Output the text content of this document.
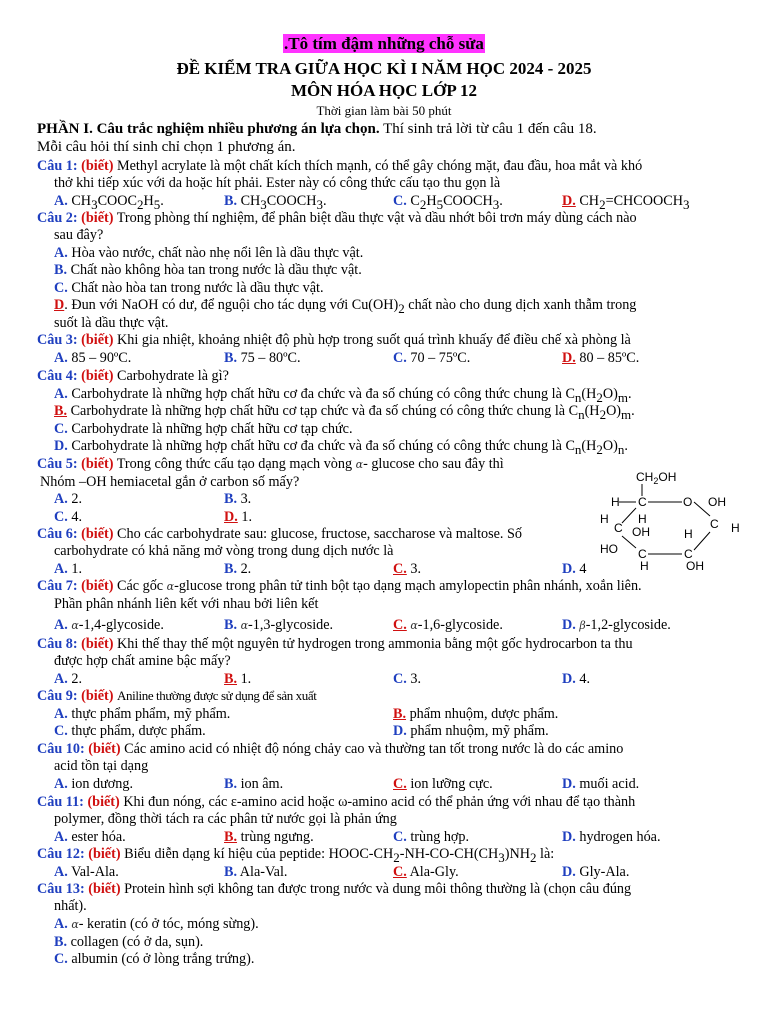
.Tô tím đậm những chỗ sửa
ĐỀ KIỂM TRA GIỮA HỌC KÌ I NĂM HỌC 2024 - 2025
MÔN HÓA HỌC LỚP 12
Thời gian làm bài 50 phút
PHẦN I. Câu trắc nghiệm nhiều phương án lựa chọn. Thí sinh trả lời từ câu 1 đến câu 18.
Mỗi câu hỏi thí sinh chỉ chọn 1 phương án.
Câu 1: (biết) Methyl acrylate là một chất kích thích mạnh, có thể gây chóng mặt, đau đầu, hoa mắt và khó
thở khi tiếp xúc với da hoặc hít phải. Ester này có công thức cấu tạo thu gọn là
A. $CH_3COOC_2H_5$.	B. $CH_3COOCH_3$.	C. $C_2H_5COOCH_3$.	D. $CH_2=CHCOOCH_3$
Câu 2: (biết) Trong phòng thí nghiệm, để phân biệt dầu thực vật và dầu nhớt bôi trơn máy dùng cách nào
sau đây?
A. Hòa vào nước, chất nào nhẹ nổi lên là dầu thực vật.
B. Chất nào không hòa tan trong nước là dầu thực vật.
C. Chất nào hòa tan trong nước là dầu thực vật.
D. Đun với NaOH có dư, để nguội cho tác dụng với $Cu(OH)_2$ chất nào cho dung dịch xanh thẫm trong
suốt là dầu thực vật.
Câu 3: (biết) Khi gia nhiệt, khoảng nhiệt độ phù hợp trong suốt quá trình khuấy để điều chế xà phòng là
A. 85 – 90ºC.	B. 75 – 80ºC.	C. 70 – 75ºC.	D. 80 – 85ºC.
Câu 4: (biết) Carbohydrate là gì?
A. Carbohydrate là những hợp chất hữu cơ đa chức và đa số chúng có công thức chung là $C_n(H_2O)_m$.
B. Carbohydrate là những hợp chất hữu cơ tạp chức và đa số chúng có công thức chung là $C_n(H_2O)_m$.
C. Carbohydrate là những hợp chất hữu cơ tạp chức.
D. Carbohydrate là những hợp chất hữu cơ đa chức và đa số chúng có công thức chung là $C_n(H_2O)_n$.
Câu 5: (biết) Trong công thức cấu tạo dạng mạch vòng α- glucose cho sau đây thì
Nhóm –OH hemiacetal gắn ở carbon số mấy?
A. 2.	B. 3.
C. 4.	D. 1.
$CH_2OH$
C
H	O OH
C
C
H H
OH
C
HO
H
C
H
OH
H
Câu 6: (biết) Cho các carbohydrate sau: glucose, fructose, saccharose và maltose. Số
carbohydrate có khả năng mở vòng trong dung dịch nước là
A. 1.	B. 2.	C. 3.	D. 4
Câu 7: (biết) Các gốc α-glucose trong phân tử tinh bột tạo dạng mạch amylopectin phân nhánh, xoắn liên.
Phần phân nhánh liên kết với nhau bởi liên kết
A. α-1,4-glycoside.	B. α-1,3-glycoside.	C. α-1,6-glycoside.	D. β-1,2-glycoside.
Câu 8: (biết) Khi thế thay thế một nguyên tử hydrogen trong ammonia bằng một gốc hydrocarbon ta thu
được hợp chất amine bậc mấy?
A. 2.	B. 1.	C. 3.	D. 4.
Câu 9: (biết) Aniline thường được sử dụng để sản xuất
A. thực phẩm phẩm, mỹ phẩm.	B. phẩm nhuộm, dược phẩm.
C. thực phẩm, dược phẩm.	D. phẩm nhuộm, mỹ phẩm.
Câu 10: (biết) Các amino acid có nhiệt độ nóng chảy cao và thường tan tốt trong nước là do các amino
acid tồn tại dạng
A. ion dương.	B. ion âm.	C. ion lưỡng cực.	D. muối acid.
Câu 11: (biết) Khi đun nóng, các ε-amino acid hoặc ω-amino acid có thể phản ứng với nhau để tạo thành
polymer, đồng thời tách ra các phân tử nước gọi là phản ứng
A. ester hóa.	B. trùng ngưng.	C. trùng hợp.	D. hydrogen hóa.
Câu 12: (biết) Biểu diễn dạng kí hiệu của peptide: HOOC-$CH_2-NH-CO-CH(CH_3)NH_2$ là:
A. Val-Ala.	B. Ala-Val.	C. Ala-Gly.	D. Gly-Ala.
Câu 13: (biết) Protein hình sợi không tan được trong nước và dung môi thông thường là (chọn câu đúng
nhất).
A. α- keratin (có ở tóc, móng sừng).
B. collagen (có ở da, sụn).
C. albumin (có ở lòng trắng trứng).
